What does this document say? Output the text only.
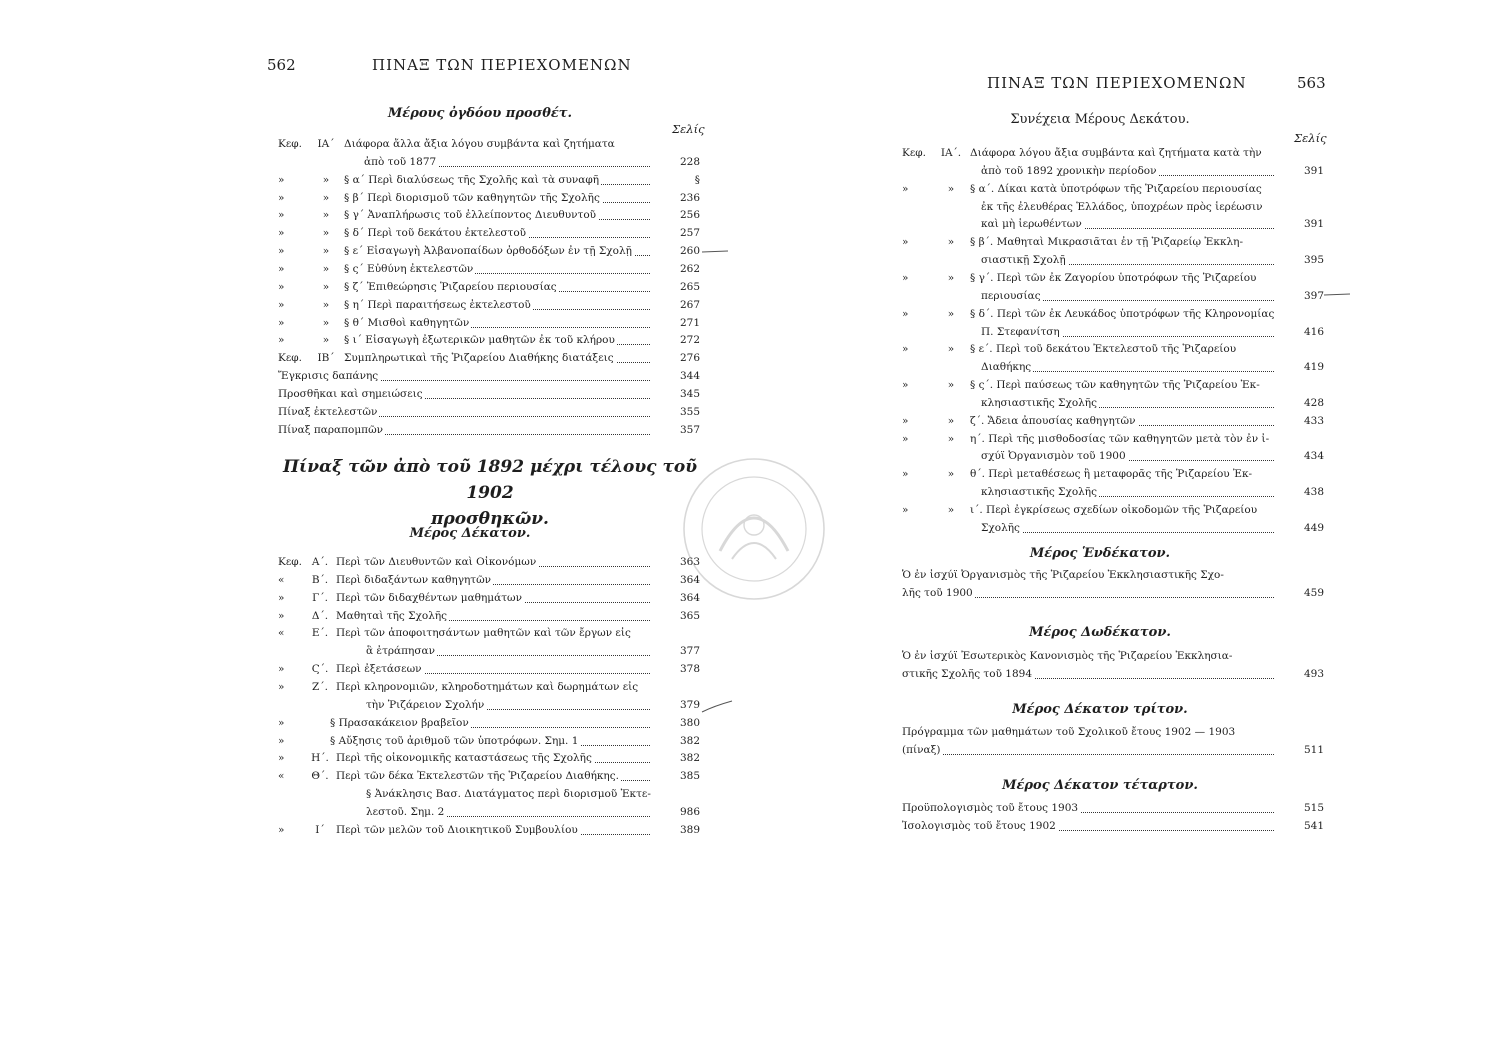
562	ΠΙΝΑΞ ΤΩΝ ΠΕΡΙΕΧΟΜΕΝΩΝ
Μέρους ὀγδόου προσθέτ.
Σελίς
Κεφ.	ΙΑ΄ Διάφορα ἄλλα ἄξια λόγου συμβάντα καὶ ζητήματα
ἀπὸ τοῦ 1877	228
»	»	§ α΄ Περὶ διαλύσεως τῆς Σχολῆς καὶ τὰ συναφῆ	§
»	»	§ β΄ Περὶ διορισμοῦ τῶν καθηγητῶν τῆς Σχολῆς	236
»	»	§ γ΄ Ἀναπλήρωσις τοῦ ἐλλείποντος Διευθυντοῦ	256
»	»	§ δ΄ Περὶ τοῦ δεκάτου ἐκτελεστοῦ	257
»	»	§ ε΄ Εἰσαγωγὴ Ἀλβανοπαίδων ὀρθοδόξων ἐν τῇ Σχολῇ	260
»	»	§ ς΄ Εὐθύνη ἐκτελεστῶν	262
»	»	§ ζ΄ Ἐπιθεώρησις Ῥιζαρείου περιουσίας	265
»	»	§ η΄ Περὶ παραιτήσεως ἐκτελεστοῦ	267
»	»	§ θ΄ Μισθοὶ καθηγητῶν	271
»	»	§ ι΄ Εἰσαγωγὴ ἐξωτερικῶν μαθητῶν ἐκ τοῦ κλήρου	272
Κεφ.	ΙΒ΄ Συμπληρωτικαὶ τῆς Ῥιζαρείου Διαθήκης διατάξεις	276
Ἔγκρισις δαπάνης	344
Προσθῆκαι καὶ σημειώσεις	345
Πίναξ ἐκτελεστῶν	355
Πίναξ παραπομπῶν	357
Πίναξ τῶν ἀπὸ τοῦ 1892 μέχρι τέλους τοῦ 1902
προσθηκῶν.
Μέρος Δέκατον.
Κεφ. Α΄. Περὶ τῶν Διευθυντῶν καὶ Οἰκονόμων	363
«	Β΄. Περὶ διδαξάντων καθηγητῶν	364
»	Γ΄. Περὶ τῶν διδαχθέντων μαθημάτων	364
»	Δ΄. Μαθηταὶ τῆς Σχολῆς	365
«	Ε΄. Περὶ τῶν ἀποφοιτησάντων μαθητῶν καὶ τῶν ἔργων εἰς
ἃ ἐτράπησαν	377
»	Ϛ΄. Περὶ ἐξετάσεων	378
»	Ζ΄. Περὶ κληρονομιῶν, κληροδοτημάτων καὶ δωρημάτων εἰς
τὴν Ῥιζάρειον Σχολήν	379
»	§ Πρασακάκειον βραβεῖον	380
»	§ Αὔξησις τοῦ ἀριθμοῦ τῶν ὑποτρόφων. Σημ. 1	382
»	Η΄. Περὶ τῆς οἰκονομικῆς καταστάσεως τῆς Σχολῆς	382
«	Θ΄. Περὶ τῶν δέκα Ἐκτελεστῶν τῆς Ῥιζαρείου Διαθήκης.	385
§ Ἀνάκλησις Βασ. Διατάγματος περὶ διορισμοῦ Ἐκτε-
λεστοῦ. Σημ. 2	986
»	Ι΄	Περὶ τῶν μελῶν τοῦ Διοικητικοῦ Συμβουλίου	389
ΠΙΝΑΞ ΤΩΝ ΠΕΡΙΕΧΟΜΕΝΩΝ	563
Συνέχεια Μέρους Δεκάτου.
Σελίς
Κεφ. ΙΑ΄. Διάφορα λόγου ἄξια συμβάντα καὶ ζητήματα κατὰ τὴν
ἀπὸ τοῦ 1892 χρονικὴν περίοδον	391
»	»	§ α΄. Δίκαι κατὰ ὑποτρόφων τῆς Ῥιζαρείου περιουσίας
ἐκ τῆς ἐλευθέρας Ἑλλάδος, ὑποχρέων πρὸς ἱερέωσιν
καὶ μὴ ἱερωθέντων	391
»	»	§ β΄. Μαθηταὶ Μικρασιᾶται ἐν τῇ Ῥιζαρείῳ Ἐκκλη-
σιαστικῇ Σχολῇ	395
»	»	§ γ΄. Περὶ τῶν ἐκ Ζαγορίου ὑποτρόφων τῆς Ῥιζαρείου
περιουσίας	397
»	»	§ δ΄. Περὶ τῶν ἐκ Λευκάδος ὑποτρόφων τῆς Κληρονομίας
Π. Στεφανίτση	416
»	»	§ ε΄. Περὶ τοῦ δεκάτου Ἐκτελεστοῦ τῆς Ῥιζαρείου
Διαθήκης	419
»	»	§ ς΄. Περὶ παύσεως τῶν καθηγητῶν τῆς Ῥιζαρείου Ἐκ-
κλησιαστικῆς Σχολῆς	428
»	»	ζ΄. Ἄδεια ἀπουσίας καθηγητῶν	433
»	»	η΄. Περὶ τῆς μισθοδοσίας τῶν καθηγητῶν μετὰ τὸν ἐν ἰ-
σχύϊ Ὀργανισμὸν τοῦ 1900	434
»	»	θ΄. Περὶ μεταθέσεως ἢ μεταφορᾶς τῆς Ῥιζαρείου Ἐκ-
κλησιαστικῆς Σχολῆς	438
»	»	ι΄. Περὶ ἐγκρίσεως σχεδίων οἰκοδομῶν τῆς Ῥιζαρείου
Σχολῆς	449
Μέρος Ἑνδέκατον.
Ὁ ἐν ἰσχύϊ Ὀργανισμὸς τῆς Ῥιζαρείου Ἐκκλησιαστικῆς Σχο-
λῆς τοῦ 1900	459
Μέρος Δωδέκατον.
Ὁ ἐν ἰσχύϊ Ἐσωτερικὸς Κανονισμὸς τῆς Ῥιζαρείου Ἐκκλησια-
στικῆς Σχολῆς τοῦ 1894	493
Μέρος Δέκατον τρίτον.
Πρόγραμμα τῶν μαθημάτων τοῦ Σχολικοῦ ἔτους 1902 — 1903
(πίναξ)	511
Μέρος Δέκατον τέταρτον.
Προϋπολογισμὸς τοῦ ἔτους 1903	515
Ἰσολογισμὸς τοῦ ἔτους 1902	541
